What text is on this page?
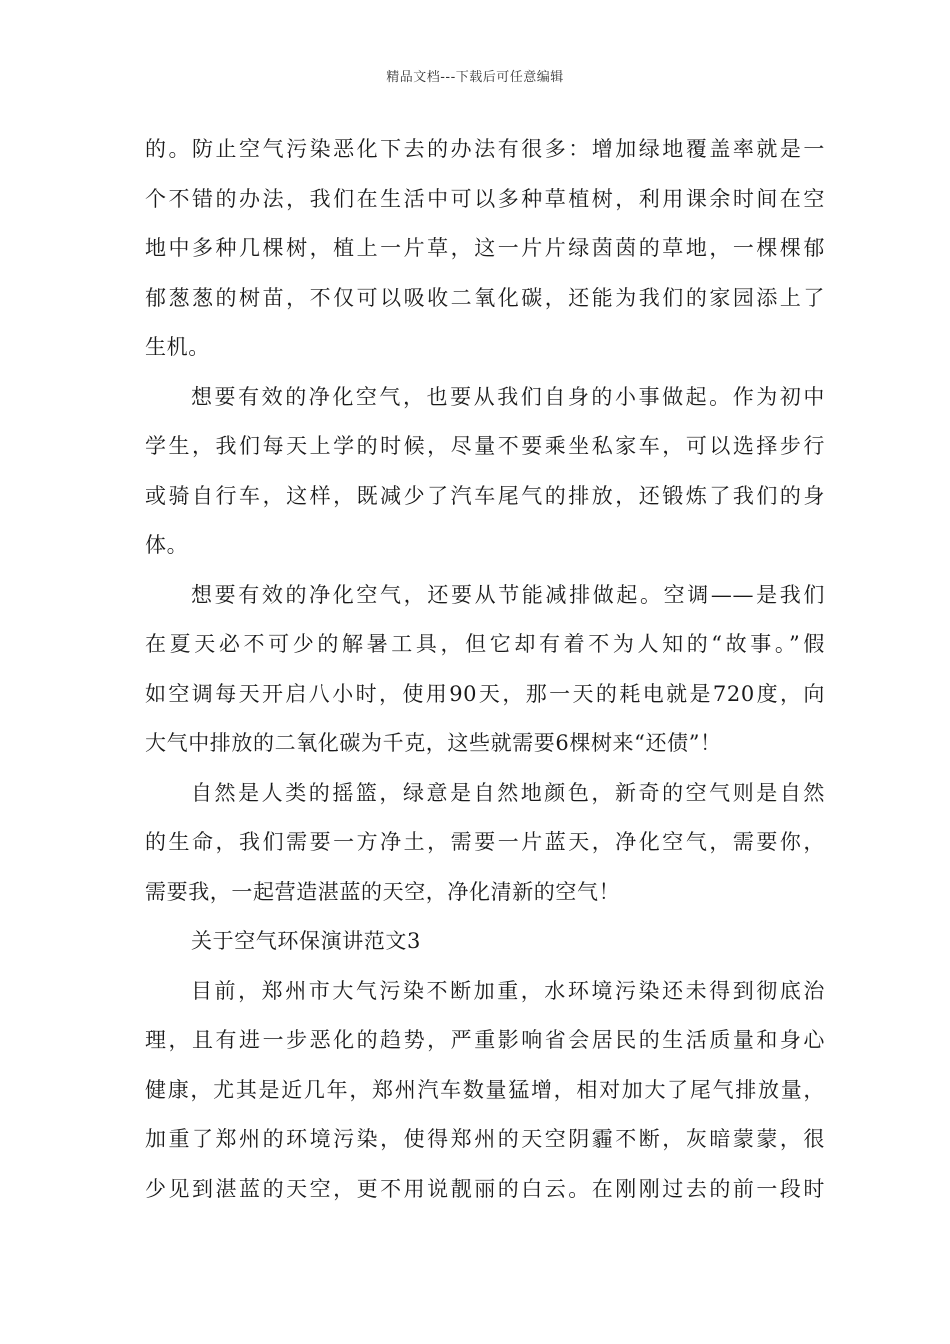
精品文档---下载后可任意编辑
的。防止空气污染恶化下去的办法有很多：增加绿地覆盖率就是一
个不错的办法，我们在生活中可以多种草植树，利用课余时间在空
地中多种几棵树，植上一片草，这一片片绿茵茵的草地，一棵棵郁
郁葱葱的树苗，不仅可以吸收二氧化碳，还能为我们的家园添上了
生机。
想要有效的净化空气，也要从我们自身的小事做起。作为初中
学生，我们每天上学的时候，尽量不要乘坐私家车，可以选择步行
或骑自行车，这样，既减少了汽车尾气的排放，还锻炼了我们的身
体。
想要有效的净化空气，还要从节能减排做起。空调——是我们
在夏天必不可少的解暑工具，但它却有着不为人知的“故事。”假
如空调每天开启八小时，使用90天，那一天的耗电就是720度，向
大气中排放的二氧化碳为千克，这些就需要6棵树来“还债”！
自然是人类的摇篮，绿意是自然地颜色，新奇的空气则是自然
的生命，我们需要一方净土，需要一片蓝天，净化空气，需要你，
需要我，一起营造湛蓝的天空，净化清新的空气！
关于空气环保演讲范文3
目前，郑州市大气污染不断加重，水环境污染还未得到彻底治
理，且有进一步恶化的趋势，严重影响省会居民的生活质量和身心
健康，尤其是近几年，郑州汽车数量猛增，相对加大了尾气排放量，
加重了郑州的环境污染，使得郑州的天空阴霾不断，灰暗蒙蒙，很
少见到湛蓝的天空，更不用说靓丽的白云。在刚刚过去的前一段时
